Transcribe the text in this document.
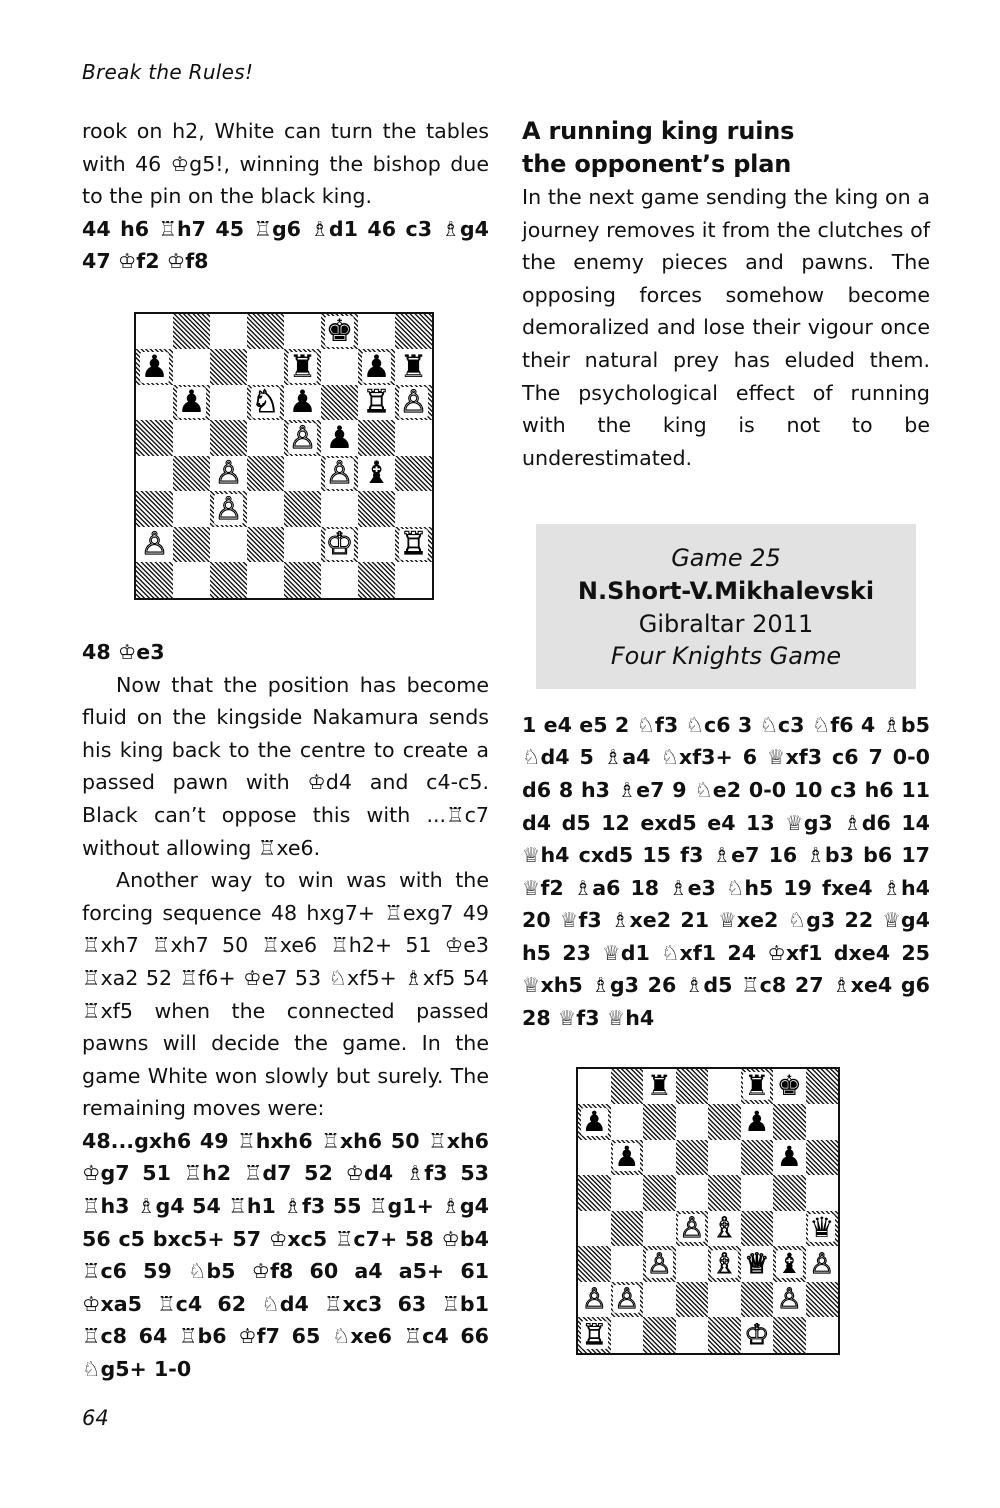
Break the Rules!

rook on h2, White can turn the tables with 46 ♔g5!, winning the bishop due to the pin on the black king.

44 h6 ♖h7 45 ♖g6 ♗d1 46 c3 ♗g4 47 ♔f2 ♔f8

♚
♟	♜ ♟ ♜
♟ ♘ ♟ ♖ ♙
♙ ♟
♙	♙ ♝
♙
♙	♔ ♖

48 ♔e3

Now that the position has become fluid on the kingside Nakamura sends his king back to the centre to create a passed pawn with ♔d4 and c4-c5. Black can’t oppose this with ...♖c7 without allowing ♖xe6.

Another way to win was with the forcing sequence 48 hxg7+ ♖exg7 49 ♖xh7 ♖xh7 50 ♖xe6 ♖h2+ 51 ♔e3 ♖xa2 52 ♖f6+ ♔e7 53 ♘xf5+ ♗xf5 54 ♖xf5 when the connected passed pawns will decide the game. In the game White won slowly but surely. The remaining moves were:

48...gxh6 49 ♖hxh6 ♖xh6 50 ♖xh6 ♔g7 51 ♖h2 ♖d7 52 ♔d4 ♗f3 53 ♖h3 ♗g4 54 ♖h1 ♗f3 55 ♖g1+ ♗g4 56 c5 bxc5+ 57 ♔xc5 ♖c7+ 58 ♔b4 ♖c6 59 ♘b5 ♔f8 60 a4 a5+ 61 ♔xa5 ♖c4 62 ♘d4 ♖xc3 63 ♖b1 ♖c8 64 ♖b6 ♔f7 65 ♘xe6 ♖c4 66 ♘g5+ 1-0

A running king ruins

the opponent’s plan

In the next game sending the king on a journey removes it from the clutches of the enemy pieces and pawns. The opposing forces somehow become demoralized and lose their vigour once their natural prey has eluded them. The psychological effect of running with the king is not to be underestimated.

Game 25
N.Short-V.Mikhalevski
Gibraltar 2011
Four Knights Game

1 e4 e5 2 ♘f3 ♘c6 3 ♘c3 ♘f6 4 ♗b5 ♘d4 5 ♗a4 ♘xf3+ 6 ♕xf3 c6 7 0-0 d6 8 h3 ♗e7 9 ♘e2 0-0 10 c3 h6 11 d4 d5 12 exd5 e4 13 ♕g3 ♗d6 14 ♕h4 cxd5 15 f3 ♗e7 16 ♗b3 b6 17 ♕f2 ♗a6 18 ♗e3 ♘h5 19 fxe4 ♗h4 20 ♕f3 ♗xe2 21 ♕xe2 ♘g3 22 ♕g4 h5 23 ♕d1 ♘xf1 24 ♔xf1 dxe4 25 ♕xh5 ♗g3 26 ♗d5 ♖c8 27 ♗xe4 g6 28 ♕f3 ♕h4

♜	♜ ♚
♟	♟
♟	♟
♙ ♗	♛
♙ ♗ ♕ ♝ ♙
♙ ♙	♙
♖	♔
64
